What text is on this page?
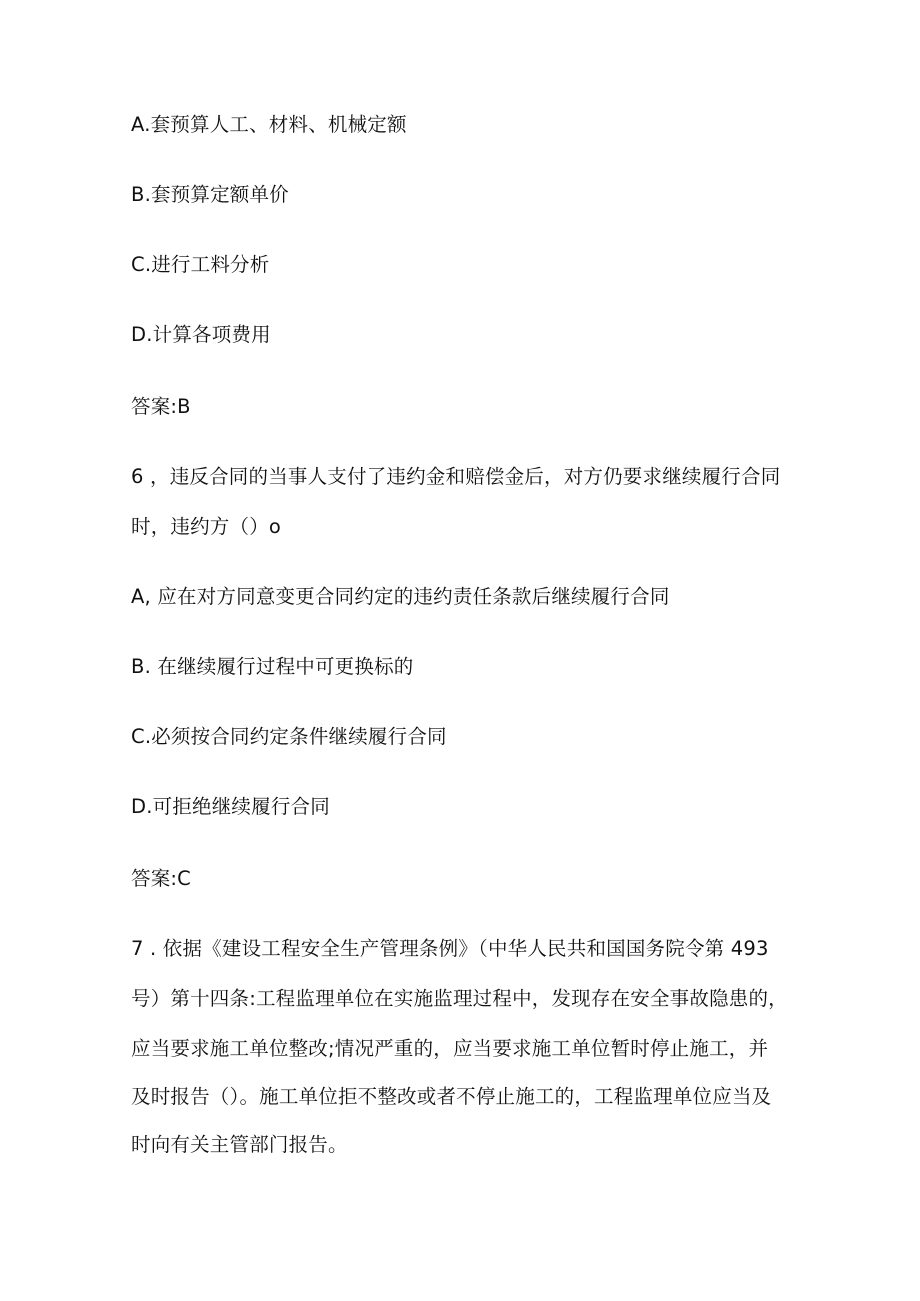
A.套预算人工、材料、机械定额
B.套预算定额单价
C.进行工料分析
D.计算各项费用
答案:B
6 ，违反合同的当事人支付了违约金和赔偿金后，对方仍要求继续履行合同
时，违约方（）o
A, 应在对方同意变更合同约定的违约责任条款后继续履行合同
B. 在继续履行过程中可更换标的
C.必须按合同约定条件继续履行合同
D.可拒绝继续履行合同
答案:C
7 . 依据《建设工程安全生产管理条例》（中华人民共和国国务院令第 493
号）第十四条:工程监理单位在实施监理过程中，发现存在安全事故隐患的，
应当要求施工单位整改;情况严重的，应当要求施工单位暂时停止施工，并
及时报告（）。施工单位拒不整改或者不停止施工的，工程监理单位应当及
时向有关主管部门报告。
